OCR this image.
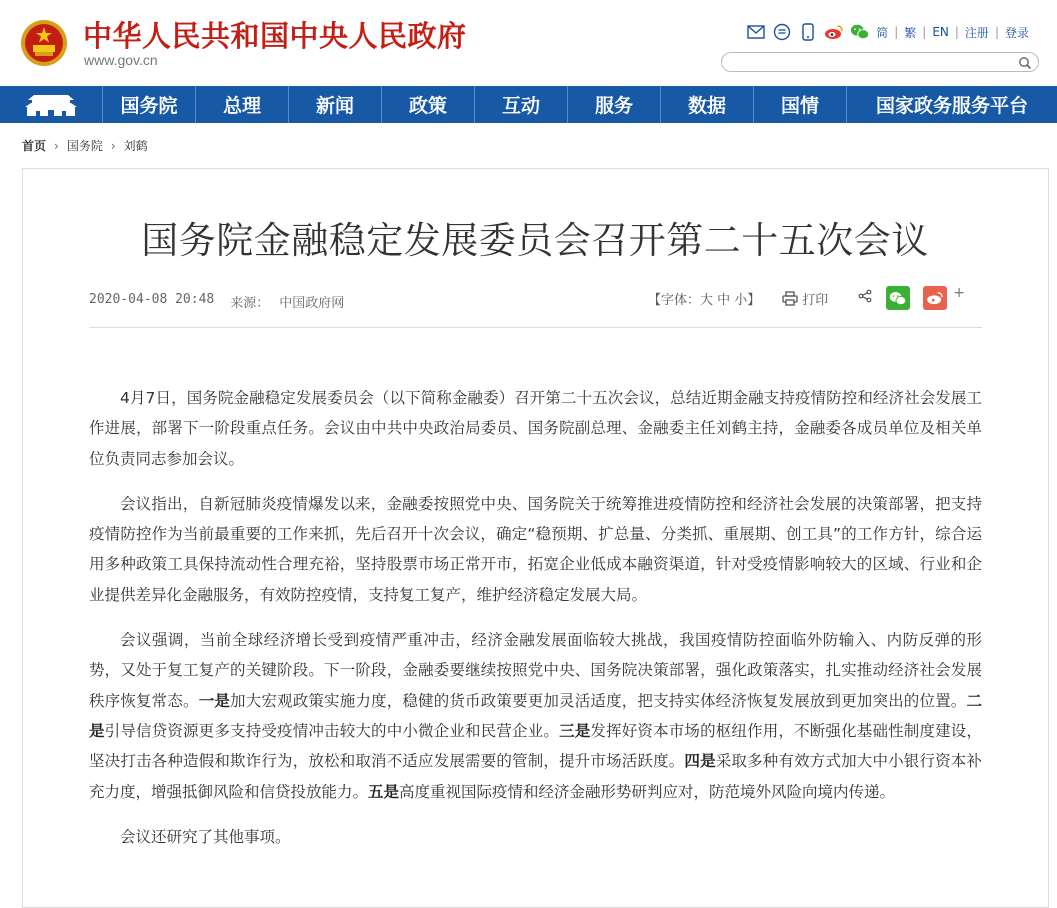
中华人民共和国中央人民政府
www.gov.cn
简 | 繁 | EN | 注册 | 登录
国务院	总理	新闻	政策	互动	服务	数据	国情	国家政务服务平台
首页 › 国务院 › 刘鹤
国务院金融稳定发展委员会召开第二十五次会议
2020-04-08 20:48 来源： 中国政府网	【字体：大 中 小】	打印	+

4月7日，国务院金融稳定发展委员会（以下简称金融委）召开第二十五次会议，总结近期金融支持疫情防控和经济社会发展工作进展，部署下一阶段重点任务。会议由中共中央政治局委员、国务院副总理、金融委主任刘鹤主持，金融委各成员单位及相关单位负责同志参加会议。

会议指出，自新冠肺炎疫情爆发以来，金融委按照党中央、国务院关于统筹推进疫情防控和经济社会发展的决策部署，把支持疫情防控作为当前最重要的工作来抓，先后召开十次会议，确定“稳预期、扩总量、分类抓、重展期、创工具”的工作方针，综合运用多种政策工具保持流动性合理充裕，坚持股票市场正常开市，拓宽企业低成本融资渠道，针对受疫情影响较大的区域、行业和企业提供差异化金融服务，有效防控疫情，支持复工复产，维护经济稳定发展大局。

会议强调，当前全球经济增长受到疫情严重冲击，经济金融发展面临较大挑战，我国疫情防控面临外防输入、内防反弹的形势，又处于复工复产的关键阶段。下一阶段，金融委要继续按照党中央、国务院决策部署，强化政策落实，扎实推动经济社会发展秩序恢复常态。一是加大宏观政策实施力度，稳健的货币政策要更加灵活适度，把支持实体经济恢复发展放到更加突出的位置。二是引导信贷资源更多支持受疫情冲击较大的中小微企业和民营企业。三是发挥好资本市场的枢纽作用，不断强化基础性制度建设，坚决打击各种造假和欺诈行为，放松和取消不适应发展需要的管制，提升市场活跃度。四是采取多种有效方式加大中小银行资本补充力度，增强抵御风险和信贷投放能力。五是高度重视国际疫情和经济金融形势研判应对，防范境外风险向境内传递。

会议还研究了其他事项。
